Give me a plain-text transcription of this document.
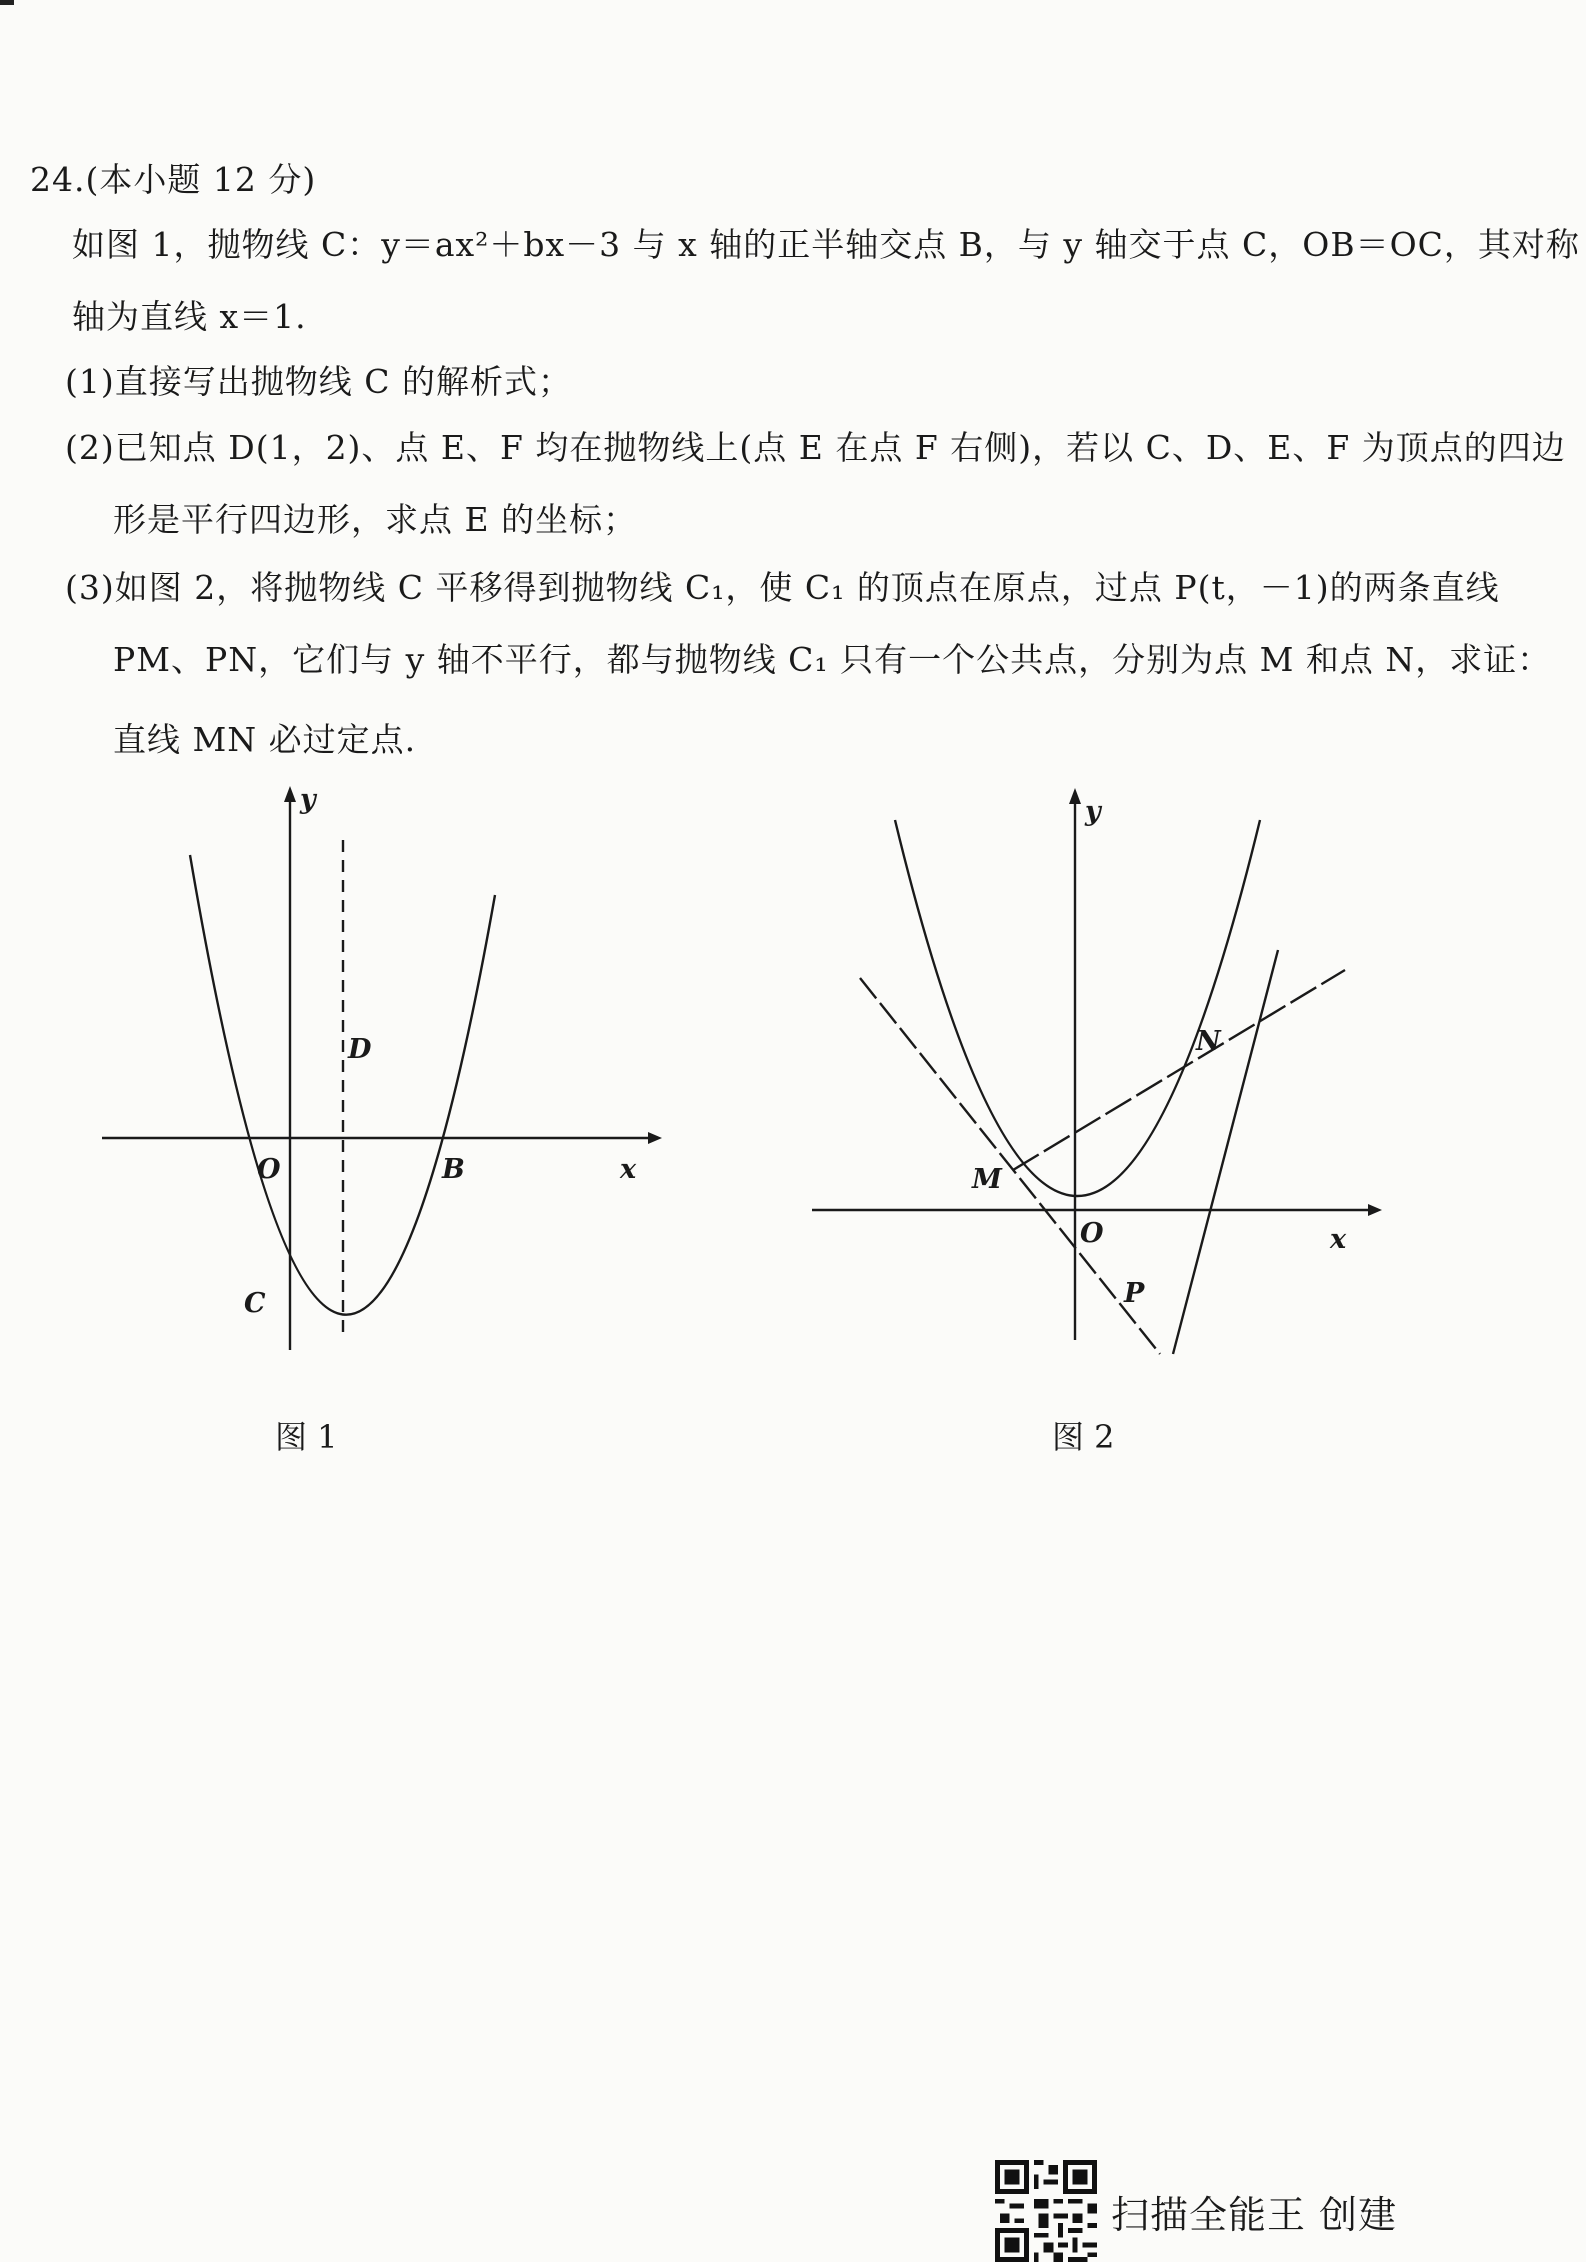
24.(本小题 12 分)
如图 1，抛物线 C：y＝ax²＋bx－3 与 x 轴的正半轴交点 B，与 y 轴交于点 C，OB＝OC，其对称
轴为直线 x＝1.
(1)直接写出抛物线 C 的解析式；
(2)已知点 D(1，2)、点 E、F 均在抛物线上(点 E 在点 F 右侧)，若以 C、D、E、F 为顶点的四边
形是平行四边形，求点 E 的坐标；
(3)如图 2，将抛物线 C 平移得到抛物线 C₁，使 C₁ 的顶点在原点，过点 P(t，－1)的两条直线
PM、PN，它们与 y 轴不平行，都与抛物线 C₁ 只有一个公共点，分别为点 M 和点 N，求证：
直线 MN 必过定点.
y
D
O	B	x
C
图 1
y
N
M
O	x
P
图 2
扫描全能王 创建
